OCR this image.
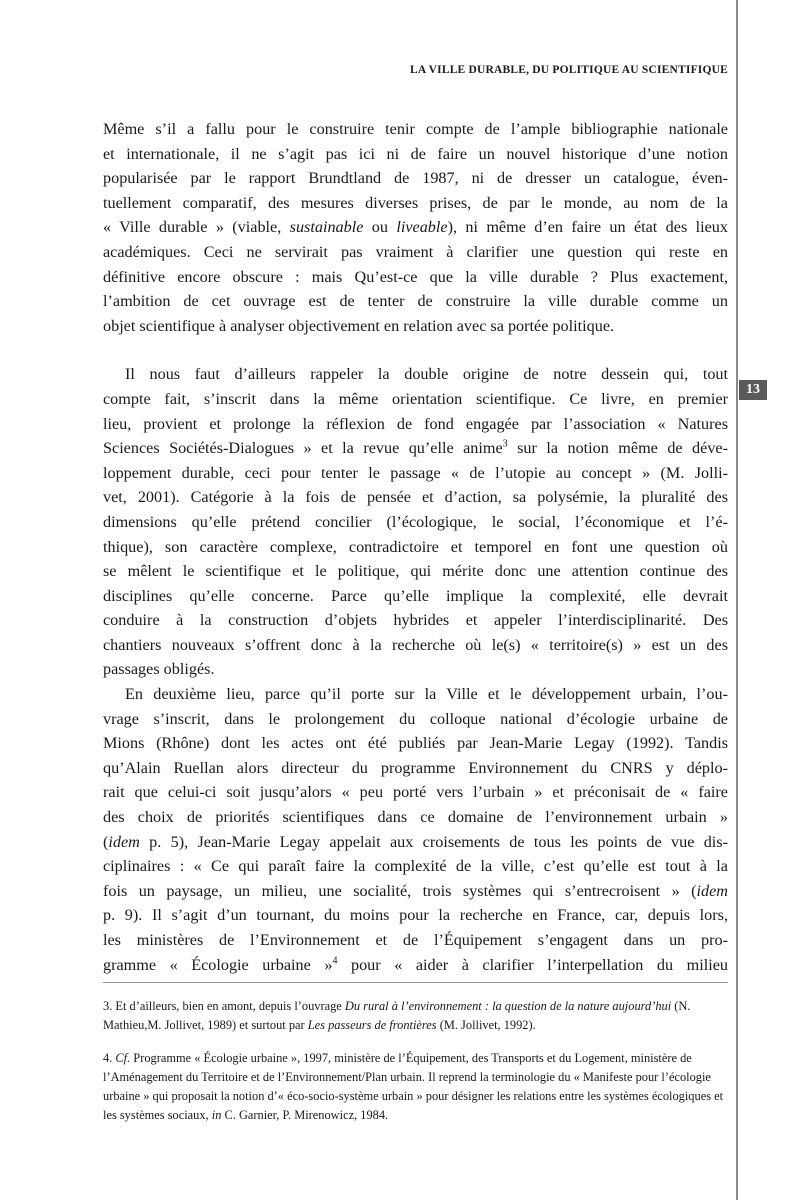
LA VILLE DURABLE, DU POLITIQUE AU SCIENTIFIQUE
13
Même s’il a fallu pour le construire tenir compte de l’ample bibliographie nationale
et internationale, il ne s’agit pas ici ni de faire un nouvel historique d’une notion
popularisée par le rapport Brundtland de 1987, ni de dresser un catalogue, éven-
tuellement comparatif, des mesures diverses prises, de par le monde, au nom de la
« Ville durable » (viable, sustainable ou liveable), ni même d’en faire un état des lieux
académiques. Ceci ne servirait pas vraiment à clarifier une question qui reste en
définitive encore obscure : mais Qu’est-ce que la ville durable ? Plus exactement,
l’ambition de cet ouvrage est de tenter de construire la ville durable comme un
objet scientifique à analyser objectivement en relation avec sa portée politique.
Il nous faut d’ailleurs rappeler la double origine de notre dessein qui, tout
compte fait, s’inscrit dans la même orientation scientifique. Ce livre, en premier
lieu, provient et prolonge la réflexion de fond engagée par l’association « Natures
Sciences Sociétés-Dialogues » et la revue qu’elle anime$^3$ sur la notion même de déve-
loppement durable, ceci pour tenter le passage « de l’utopie au concept » (M. Jolli-
vet, 2001). Catégorie à la fois de pensée et d’action, sa polysémie, la pluralité des
dimensions qu’elle prétend concilier (l’écologique, le social, l’économique et l’é-
thique), son caractère complexe, contradictoire et temporel en font une question où
se mêlent le scientifique et le politique, qui mérite donc une attention continue des
disciplines qu’elle concerne. Parce qu’elle implique la complexité, elle devrait
conduire à la construction d’objets hybrides et appeler l’interdisciplinarité. Des
chantiers nouveaux s’offrent donc à la recherche où le(s) « territoire(s) » est un des
passages obligés.
En deuxième lieu, parce qu’il porte sur la Ville et le développement urbain, l’ou-
vrage s’inscrit, dans le prolongement du colloque national d’écologie urbaine de
Mions (Rhône) dont les actes ont été publiés par Jean-Marie Legay (1992). Tandis
qu’Alain Ruellan alors directeur du programme Environnement du CNRS y déplo-
rait que celui-ci soit jusqu’alors « peu porté vers l’urbain » et préconisait de « faire
des choix de priorités scientifiques dans ce domaine de l’environnement urbain »
(idem p. 5), Jean-Marie Legay appelait aux croisements de tous les points de vue dis-
ciplinaires : « Ce qui paraît faire la complexité de la ville, c’est qu’elle est tout à la
fois un paysage, un milieu, une socialité, trois systèmes qui s’entrecroisent » (idem
p. 9). Il s’agit d’un tournant, du moins pour la recherche en France, car, depuis lors,
les ministères de l’Environnement et de l’Équipement s’engagent dans un pro-
gramme « Écologie urbaine »$^4$ pour « aider à clarifier l’interpellation du milieu
3. Et d’ailleurs, bien en amont, depuis l’ouvrage Du rural à l’environnement : la question de la nature aujourd’hui (N. Mathieu,M. Jollivet, 1989) et surtout par Les passeurs de frontières (M. Jollivet, 1992).
4. Cf. Programme « Écologie urbaine », 1997, ministère de l’Équipement, des Transports et du Logement, ministère de l’Aménagement du Territoire et de l’Environnement/Plan urbain. Il reprend la terminologie du « Manifeste pour l’écologie urbaine » qui proposait la notion d’« éco-socio-système urbain » pour désigner les relations entre les systèmes écologiques et les systèmes sociaux, in C. Garnier, P. Mirenowicz, 1984.
